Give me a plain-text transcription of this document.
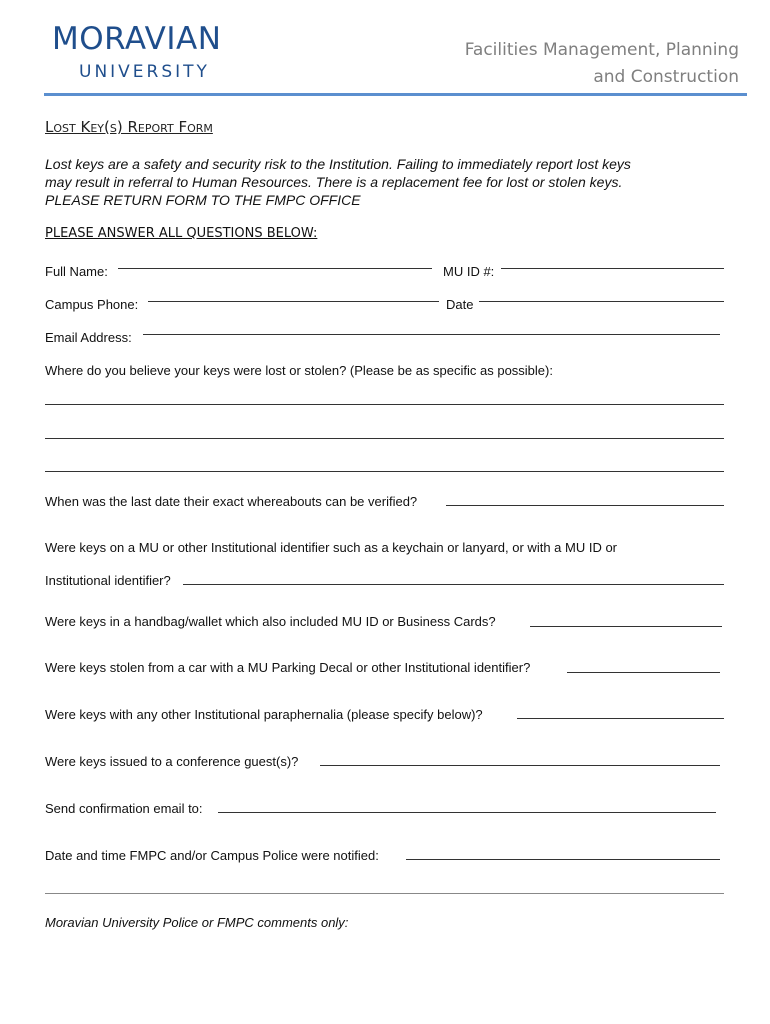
MORAVIAN
UNIVERSITY
Facilities Management, Planning
and Construction
Lost Key(s) Report Form
Lost keys are a safety and security risk to the Institution. Failing to immediately report lost keys
may result in referral to Human Resources. There is a replacement fee for lost or stolen keys.
PLEASE RETURN FORM TO THE FMPC OFFICE
PLEASE ANSWER ALL QUESTIONS BELOW:
Full Name:	MU ID #:
Campus Phone:	Date
Email Address:
Where do you believe your keys were lost or stolen? (Please be as specific as possible):
When was the last date their exact whereabouts can be verified?
Were keys on a MU or other Institutional identifier such as a keychain or lanyard, or with a MU ID or
Institutional identifier?
Were keys in a handbag/wallet which also included MU ID or Business Cards?
Were keys stolen from a car with a MU Parking Decal or other Institutional identifier?
Were keys with any other Institutional paraphernalia (please specify below)?
Were keys issued to a conference guest(s)?
Send confirmation email to:
Date and time FMPC and/or Campus Police were notified:
Moravian University Police or FMPC comments only:
